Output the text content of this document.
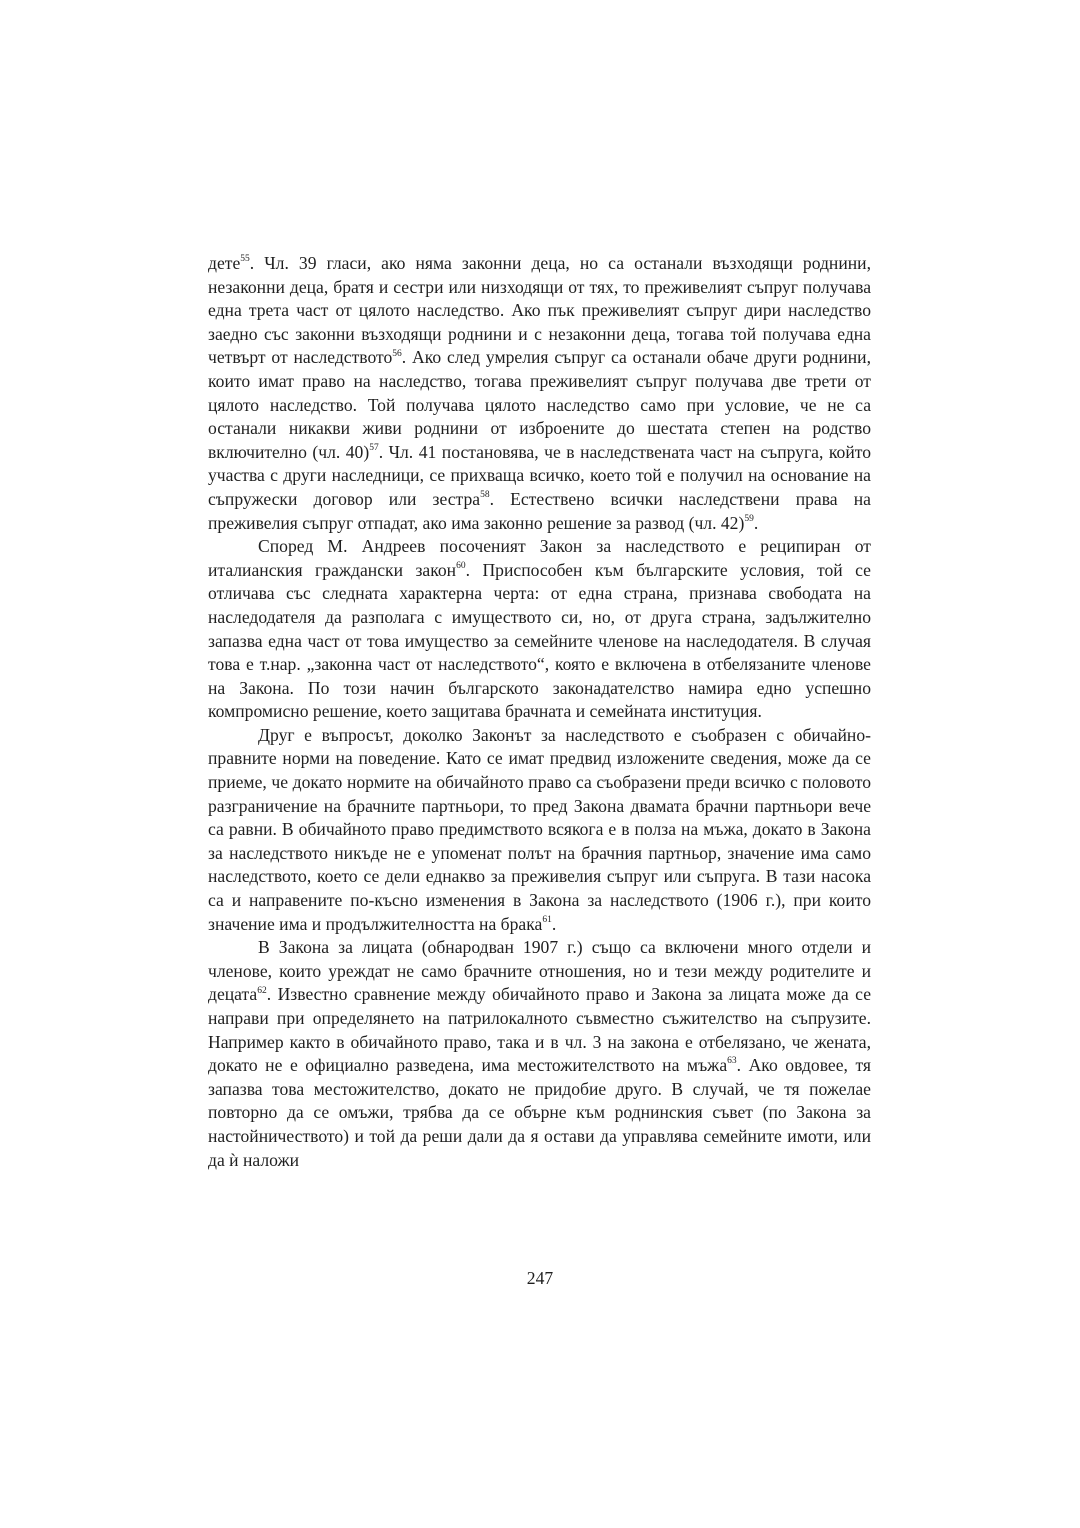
дете$^{55}$. Чл. 39 гласи, ако няма законни деца, но са останали възходящи роднини, незаконни деца, братя и сестри или низходящи от тях, то преживелият съпруг получава една трета част от цялото наследство. Ако пък преживелият съпруг дири наследство заедно със законни възходящи роднини и с незаконни деца, тогава той получава една четвърт от наследството$^{56}$. Ако след умрелия съпруг са останали обаче други роднини, които имат право на наследство, тогава преживелият съпруг получава две трети от цялото наследство. Той получава цялото наследство само при условие, че не са останали никакви живи роднини от изброените до шестата степен на родство включително (чл. 40)$^{57}$. Чл. 41 постановява, че в наследствената част на съпруга, който участва с други наследници, се прихваща всичко, което той е получил на основание на съпружески договор или зестра$^{58}$. Естествено всички наследствени права на преживелия съпруг отпадат, ако има законно решение за развод (чл. 42)$^{59}$.

Според М. Андреев посоченият Закон за наследството е реципиран от италианския граждански закон$^{60}$. Приспособен към българските условия, той се отличава със следната характерна черта: от една страна, признава свободата на наследодателя да разполага с имуществото си, но, от друга страна, задължително запазва една част от това имущество за семейните членове на наследодателя. В случая това е т.нар. „законна част от наследството“, която е включена в отбелязаните членове на Закона. По този начин българското законадателство намира едно успешно компромисно решение, което защитава брачната и семейната институция.

Друг е въпросът, доколко Законът за наследството е съобразен с обичайно-правните норми на поведение. Като се имат предвид изложените сведения, може да се приеме, че докато нормите на обичайното право са съобразени преди всичко с половото разграничение на брачните партньори, то пред Закона двамата брачни партньори вече са равни. В обичайното право предимството всякога е в полза на мъжа, докато в Закона за наследството никъде не е упоменат полът на брачния партньор, значение има само наследството, което се дели еднакво за преживелия съпруг или съпруга. В тази насока са и направените по-късно изменения в Закона за наследството (1906 г.), при които значение има и продължителността на брака$^{61}$.

В Закона за лицата (обнародван 1907 г.) също са включени много отдели и членове, които уреждат не само брачните отношения, но и тези между родителите и децата$^{62}$. Известно сравнение между обичайното право и Закона за лицата може да се направи при определянето на патрилокалното съвместно съжителство на съпрузите. Например както в обичайното право, така и в чл. 3 на закона е отбелязано, че жената, докато не е официално разведена, има местожителството на мъжа$^{63}$. Ако овдовее, тя запазва това местожителство, докато не придобие друго. В случай, че тя пожелае повторно да се омъжи, трябва да се обърне към роднинския съвет (по Закона за настойничеството) и той да реши дали да я остави да управлява семейните имоти, или да ѝ наложи

247
